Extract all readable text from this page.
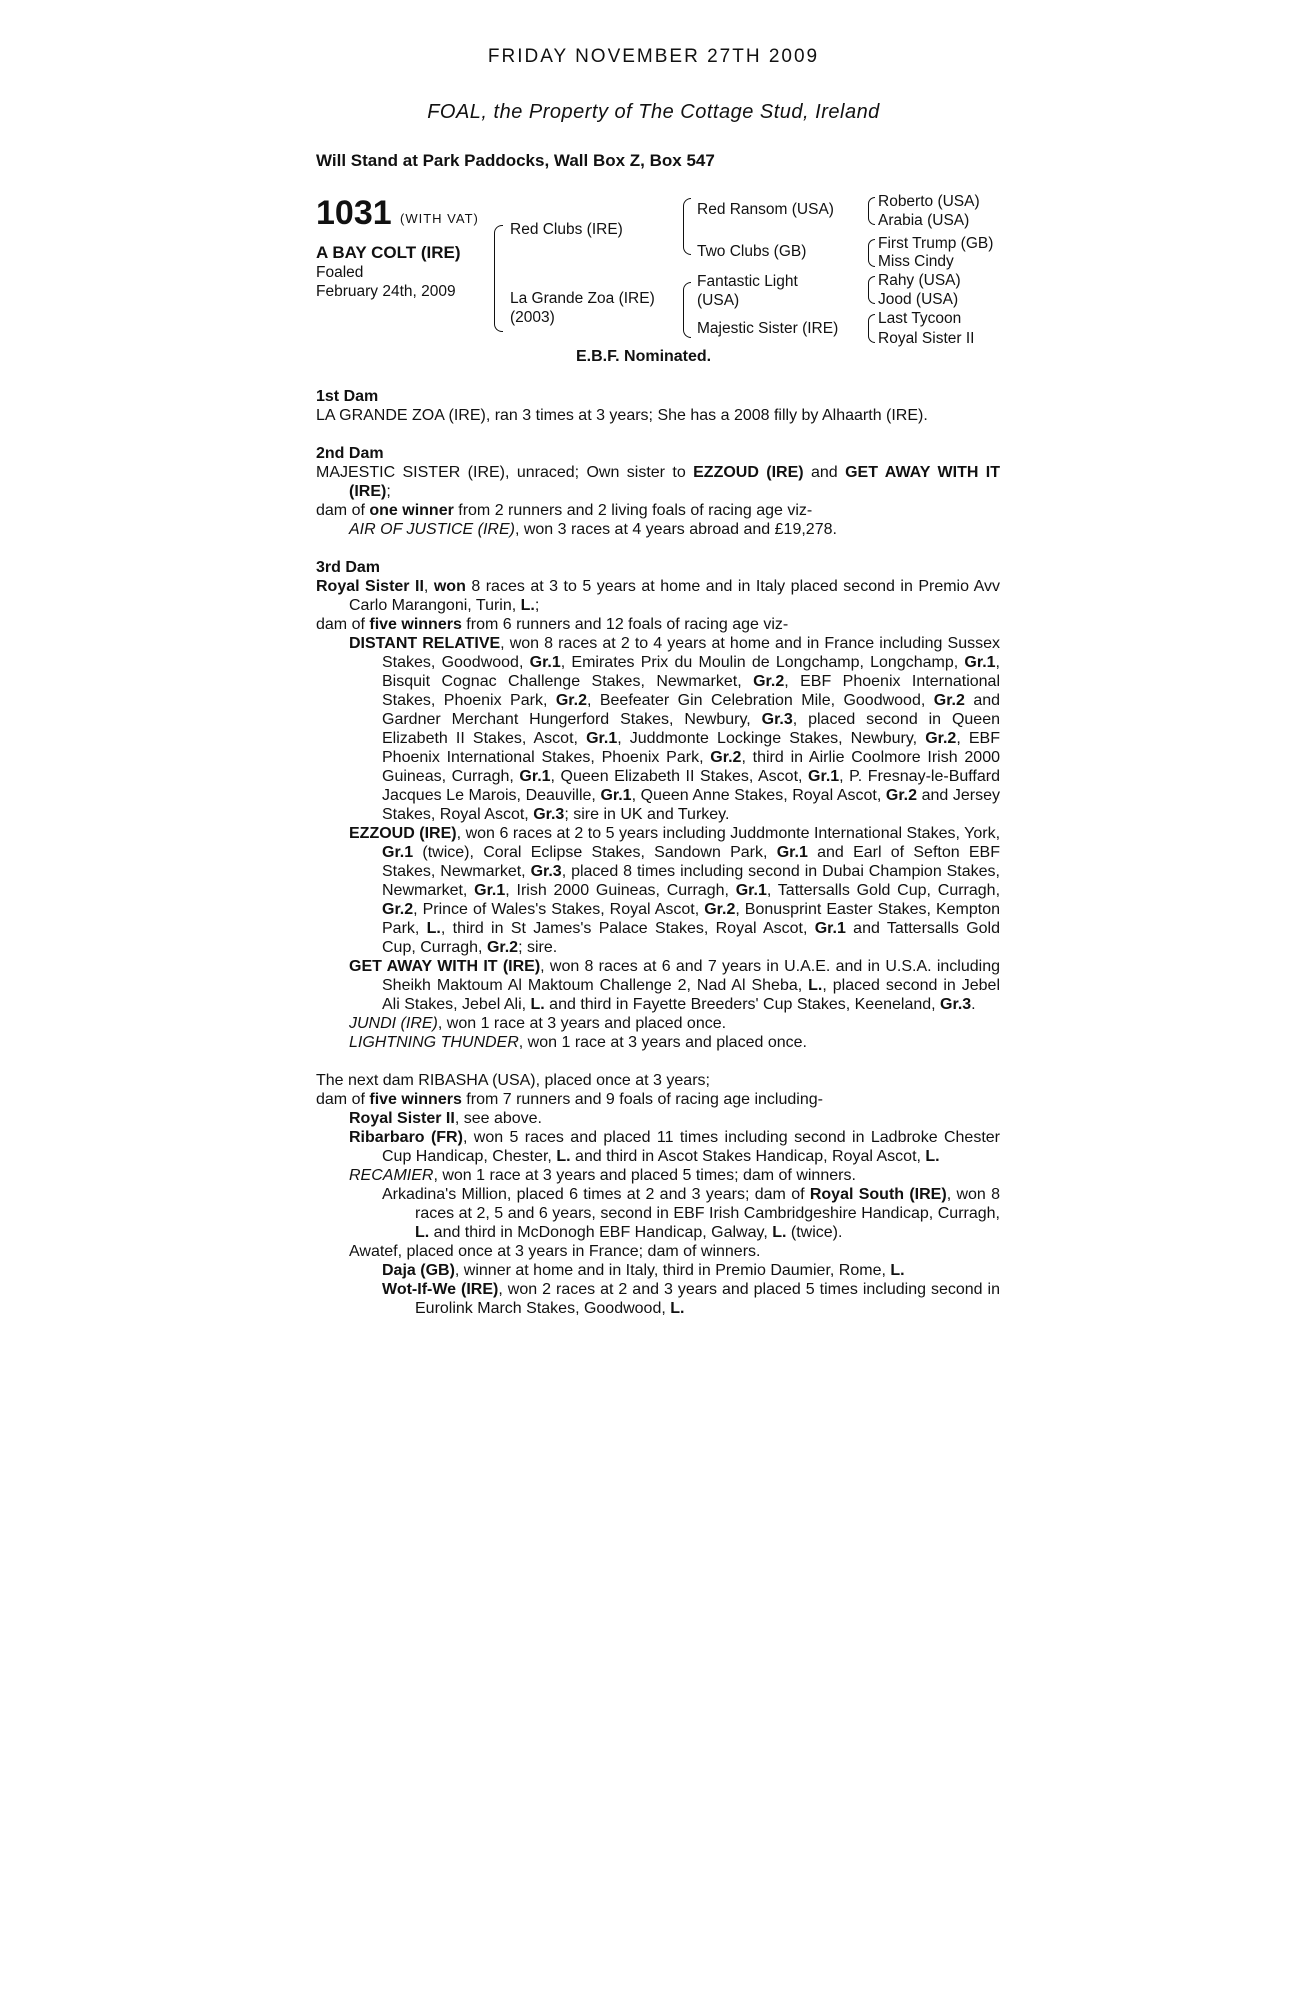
FRIDAY NOVEMBER 27TH 2009
FOAL, the Property of The Cottage Stud, Ireland
Will Stand at Park Paddocks, Wall Box Z, Box 547
1031 (WITH VAT)
A BAY COLT (IRE)
Foaled
February 24th, 2009
Red Clubs (IRE)
La Grande Zoa (IRE)
(2003)
Red Ransom (USA)
Two Clubs (GB)
Fantastic Light
(USA)
Majestic Sister (IRE)
Roberto (USA)
Arabia (USA)
First Trump (GB)
Miss Cindy
Rahy (USA)
Jood (USA)
Last Tycoon
Royal Sister II
E.B.F. Nominated.

1st Dam

LA GRANDE ZOA (IRE), ran 3 times at 3 years; She has a 2008 filly by Alhaarth (IRE).

2nd Dam

MAJESTIC SISTER (IRE), unraced; Own sister to EZZOUD (IRE) and GET AWAY WITH IT (IRE);

dam of one winner from 2 runners and 2 living foals of racing age viz-

AIR OF JUSTICE (IRE), won 3 races at 4 years abroad and £19,278.

3rd Dam

Royal Sister II, won 8 races at 3 to 5 years at home and in Italy placed second in Premio Avv Carlo Marangoni, Turin, L.;

dam of five winners from 6 runners and 12 foals of racing age viz-

DISTANT RELATIVE, won 8 races at 2 to 4 years at home and in France including Sussex Stakes, Goodwood, Gr.1, Emirates Prix du Moulin de Longchamp, Longchamp, Gr.1, Bisquit Cognac Challenge Stakes, Newmarket, Gr.2, EBF Phoenix International Stakes, Phoenix Park, Gr.2, Beefeater Gin Celebration Mile, Goodwood, Gr.2 and Gardner Merchant Hungerford Stakes, Newbury, Gr.3, placed second in Queen Elizabeth II Stakes, Ascot, Gr.1, Juddmonte Lockinge Stakes, Newbury, Gr.2, EBF Phoenix International Stakes, Phoenix Park, Gr.2, third in Airlie Coolmore Irish 2000 Guineas, Curragh, Gr.1, Queen Elizabeth II Stakes, Ascot, Gr.1, P. Fresnay-le-Buffard Jacques Le Marois, Deauville, Gr.1, Queen Anne Stakes, Royal Ascot, Gr.2 and Jersey Stakes, Royal Ascot, Gr.3; sire in UK and Turkey.

EZZOUD (IRE), won 6 races at 2 to 5 years including Juddmonte International Stakes, York, Gr.1 (twice), Coral Eclipse Stakes, Sandown Park, Gr.1 and Earl of Sefton EBF Stakes, Newmarket, Gr.3, placed 8 times including second in Dubai Champion Stakes, Newmarket, Gr.1, Irish 2000 Guineas, Curragh, Gr.1, Tattersalls Gold Cup, Curragh, Gr.2, Prince of Wales's Stakes, Royal Ascot, Gr.2, Bonusprint Easter Stakes, Kempton Park, L., third in St James's Palace Stakes, Royal Ascot, Gr.1 and Tattersalls Gold Cup, Curragh, Gr.2; sire.

GET AWAY WITH IT (IRE), won 8 races at 6 and 7 years in U.A.E. and in U.S.A. including Sheikh Maktoum Al Maktoum Challenge 2, Nad Al Sheba, L., placed second in Jebel Ali Stakes, Jebel Ali, L. and third in Fayette Breeders' Cup Stakes, Keeneland, Gr.3.

JUNDI (IRE), won 1 race at 3 years and placed once.

LIGHTNING THUNDER, won 1 race at 3 years and placed once.

The next dam RIBASHA (USA), placed once at 3 years;

dam of five winners from 7 runners and 9 foals of racing age including-

Royal Sister II, see above.

Ribarbaro (FR), won 5 races and placed 11 times including second in Ladbroke Chester Cup Handicap, Chester, L. and third in Ascot Stakes Handicap, Royal Ascot, L.

RECAMIER, won 1 race at 3 years and placed 5 times; dam of winners.

Arkadina's Million, placed 6 times at 2 and 3 years; dam of Royal South (IRE), won 8 races at 2, 5 and 6 years, second in EBF Irish Cambridgeshire Handicap, Curragh, L. and third in McDonogh EBF Handicap, Galway, L. (twice).

Awatef, placed once at 3 years in France; dam of winners.

Daja (GB), winner at home and in Italy, third in Premio Daumier, Rome, L.

Wot-If-We (IRE), won 2 races at 2 and 3 years and placed 5 times including second in Eurolink March Stakes, Goodwood, L.
